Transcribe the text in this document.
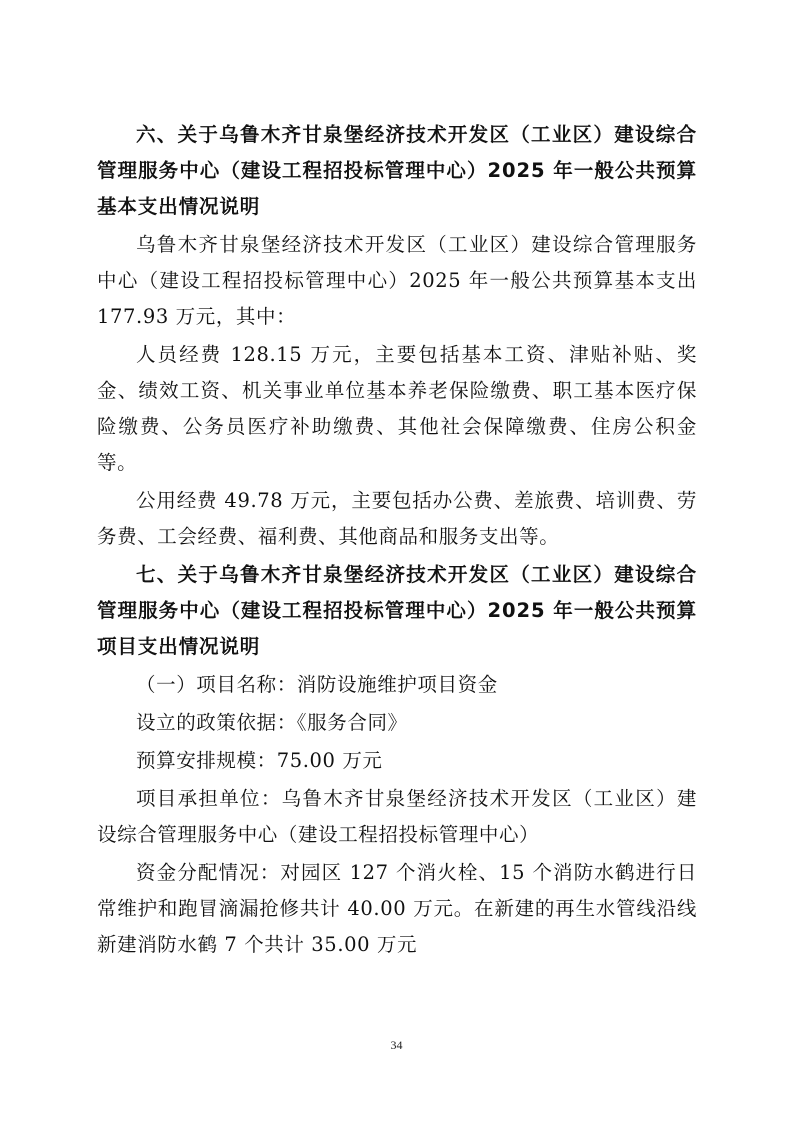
六、关于乌鲁木齐甘泉堡经济技术开发区（工业区）建设综合管理服务中心（建设工程招投标管理中心）2025 年一般公共预算基本支出情况说明

乌鲁木齐甘泉堡经济技术开发区（工业区）建设综合管理服务中心（建设工程招投标管理中心）2025 年一般公共预算基本支出 177.93 万元，其中：

人员经费 128.15 万元，主要包括基本工资、津贴补贴、奖金、绩效工资、机关事业单位基本养老保险缴费、职工基本医疗保险缴费、公务员医疗补助缴费、其他社会保障缴费、住房公积金等。

公用经费 49.78 万元，主要包括办公费、差旅费、培训费、劳务费、工会经费、福利费、其他商品和服务支出等。

七、关于乌鲁木齐甘泉堡经济技术开发区（工业区）建设综合管理服务中心（建设工程招投标管理中心）2025 年一般公共预算项目支出情况说明

（一）项目名称：消防设施维护项目资金

设立的政策依据：《服务合同》

预算安排规模：75.00 万元

项目承担单位：乌鲁木齐甘泉堡经济技术开发区（工业区）建设综合管理服务中心（建设工程招投标管理中心）

资金分配情况：对园区 127 个消火栓、15 个消防水鹤进行日常维护和跑冒滴漏抢修共计 40.00 万元。在新建的再生水管线沿线新建消防水鹤 7 个共计 35.00 万元

34
